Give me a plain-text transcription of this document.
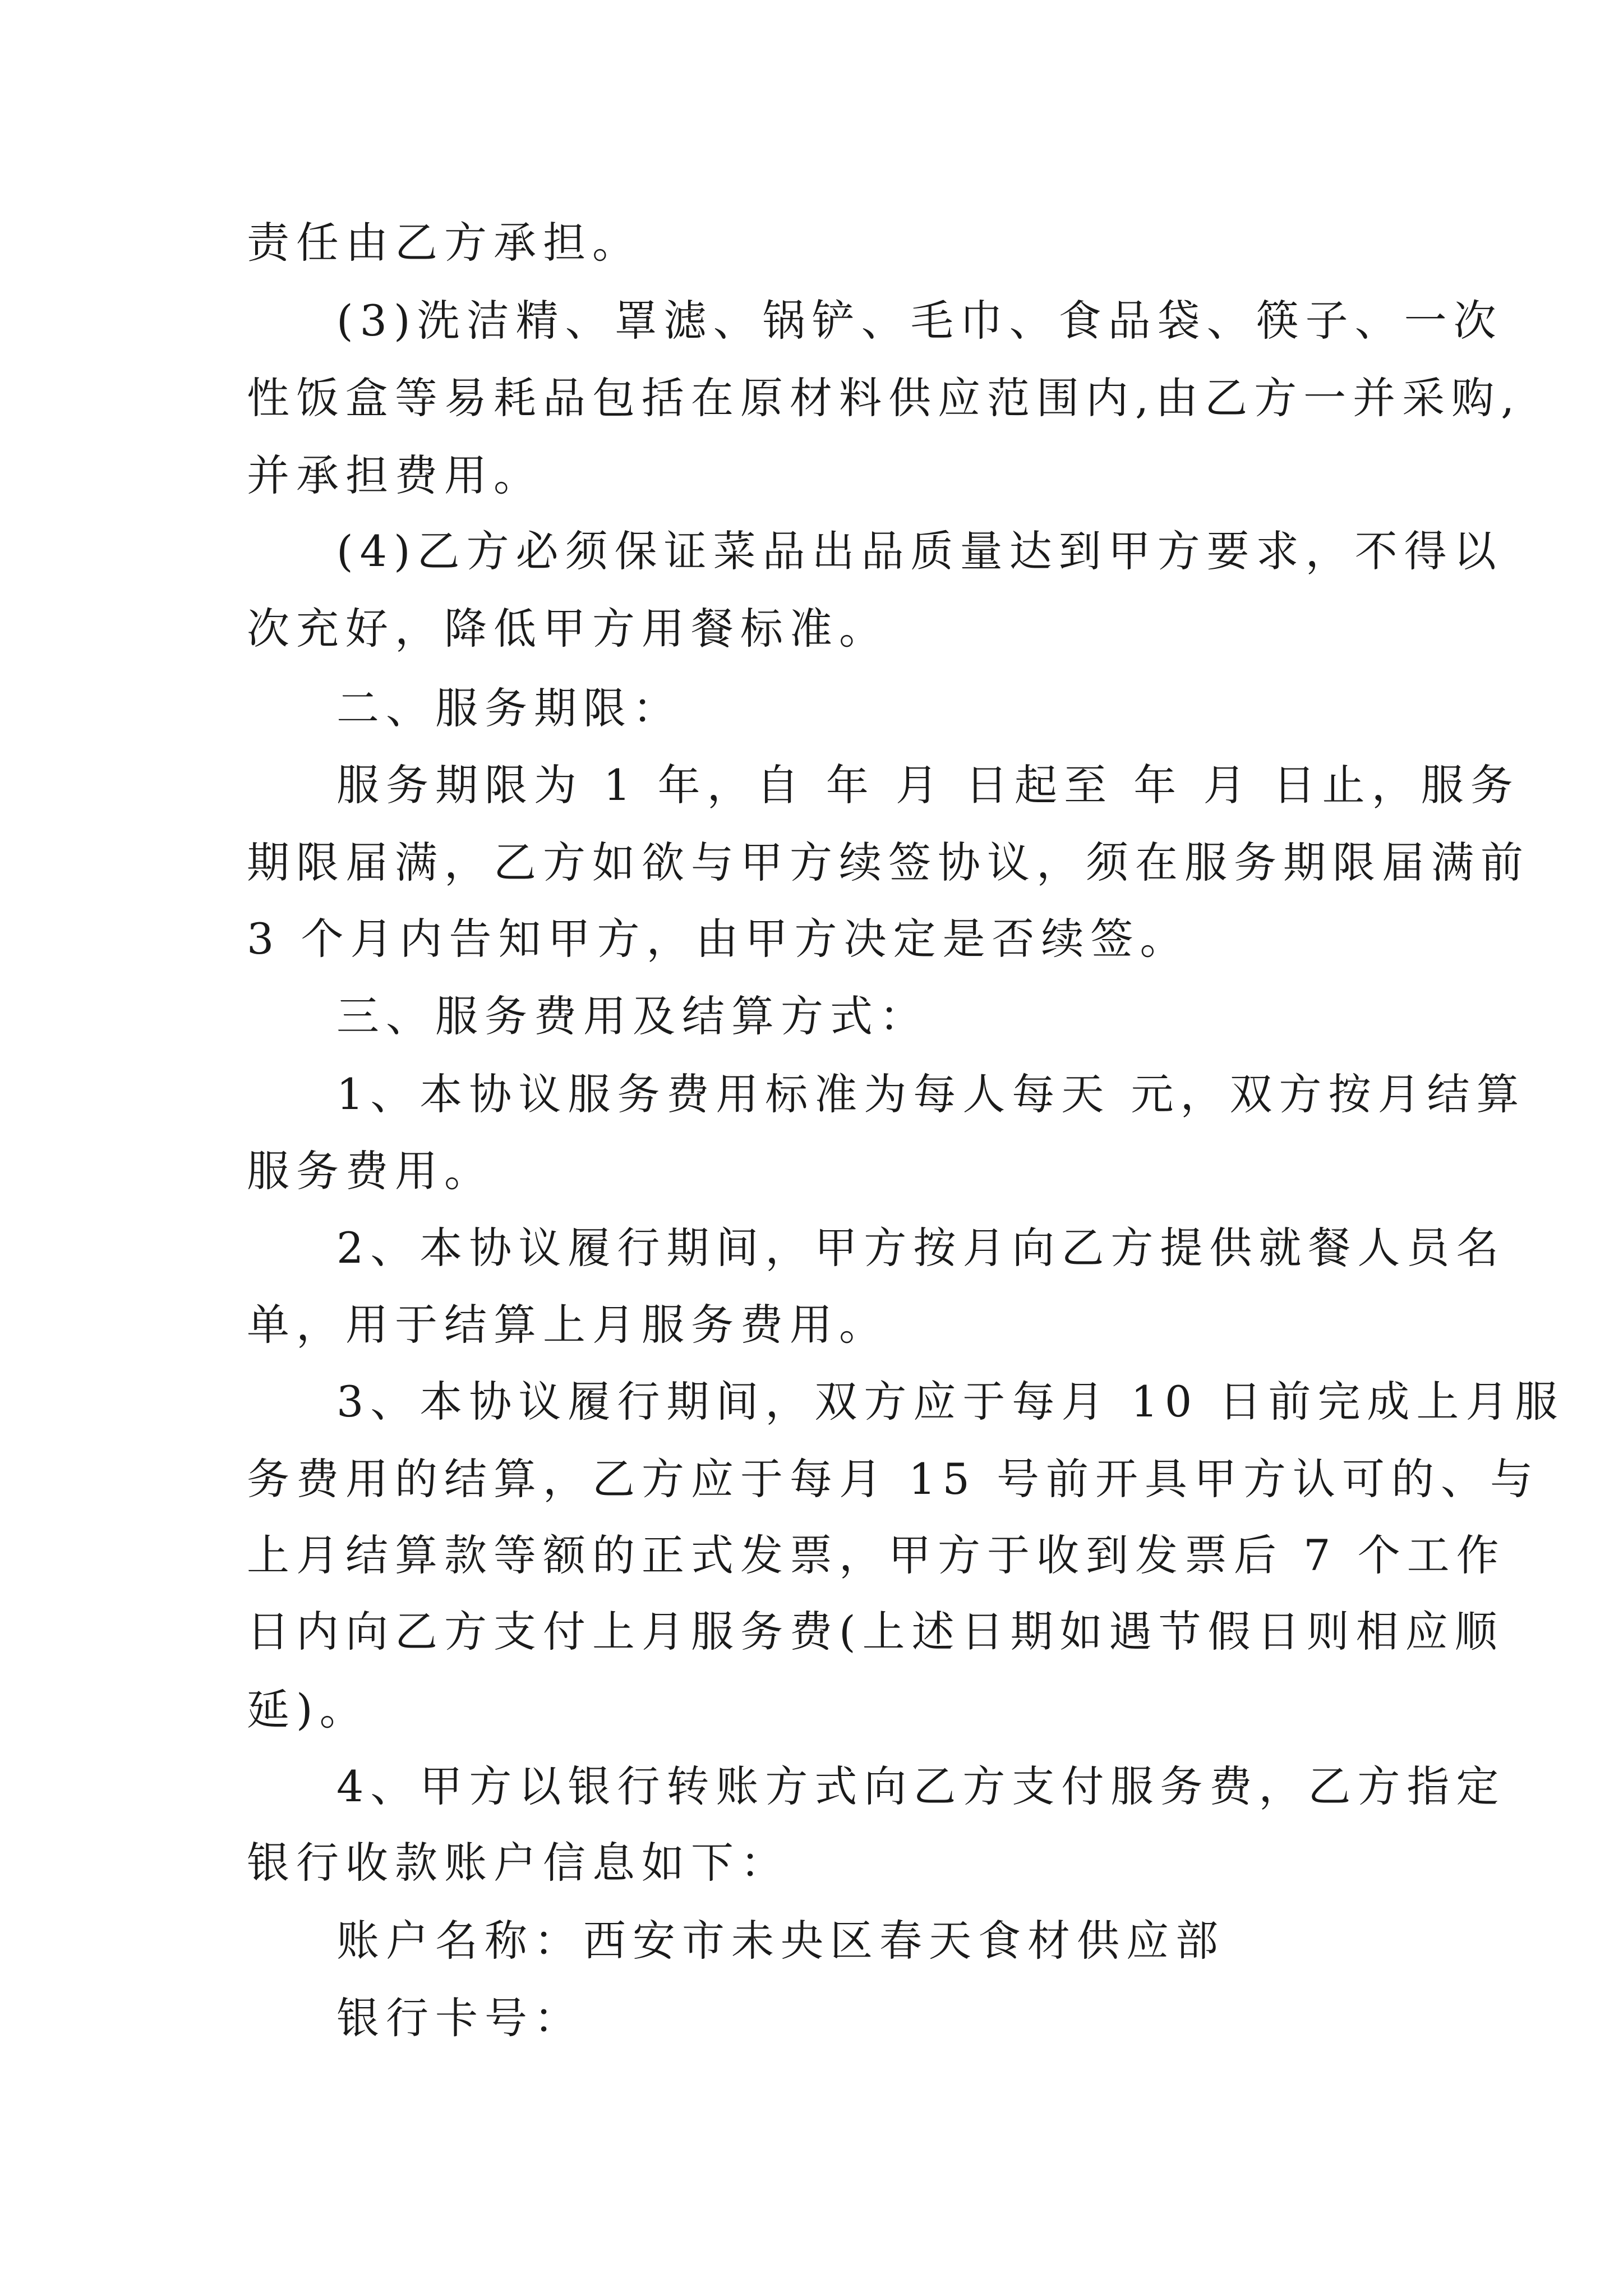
责任由乙方承担。
(3)洗洁精、罩滤、锅铲、毛巾、食品袋、筷子、一次
性饭盒等易耗品包括在原材料供应范围内,由乙方一并采购,
并承担费用。
(4)乙方必须保证菜品出品质量达到甲方要求，不得以
次充好，降低甲方用餐标准。
二、服务期限：
服务期限为 1 年，自 年 月 日起至 年 月 日止，服务
期限届满，乙方如欲与甲方续签协议，须在服务期限届满前
3 个月内告知甲方，由甲方决定是否续签。
三、服务费用及结算方式：
1、本协议服务费用标准为每人每天 元，双方按月结算
服务费用。
2、本协议履行期间，甲方按月向乙方提供就餐人员名
单，用于结算上月服务费用。
3、本协议履行期间，双方应于每月 10 日前完成上月服
务费用的结算，乙方应于每月 15 号前开具甲方认可的、与
上月结算款等额的正式发票，甲方于收到发票后 7 个工作
日内向乙方支付上月服务费(上述日期如遇节假日则相应顺
延)。
4、甲方以银行转账方式向乙方支付服务费，乙方指定
银行收款账户信息如下：
账户名称：西安市未央区春天食材供应部
银行卡号：
